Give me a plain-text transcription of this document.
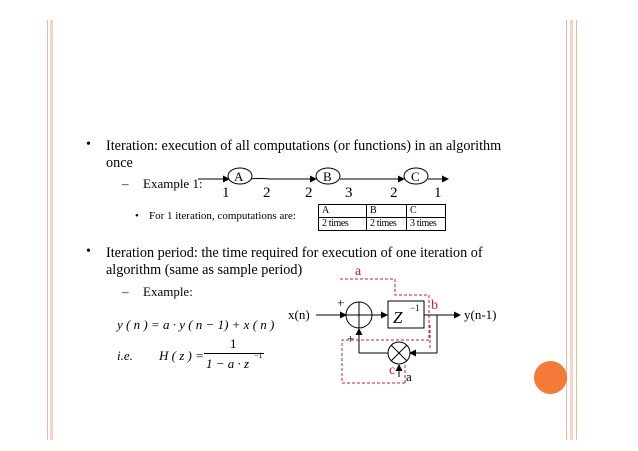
• Iteration: execution of all computations (or functions) in an algorithm
once
– Example 1: A	B	C
1 2 2 3	2 1
• For 1 iteration, computations are:	A	B	C
2 times	2 times	3 times
• Iteration period: the time required for execution of one iteration of
algorithm (same as sample period)
– Example:
y ( n ) = a · y ( n − 1) + x ( n )
i.e. H ( z ) =
1
1 − a · z
−1
x(n)	y(n-1)
Z −1
+
+
a
a
b
c
